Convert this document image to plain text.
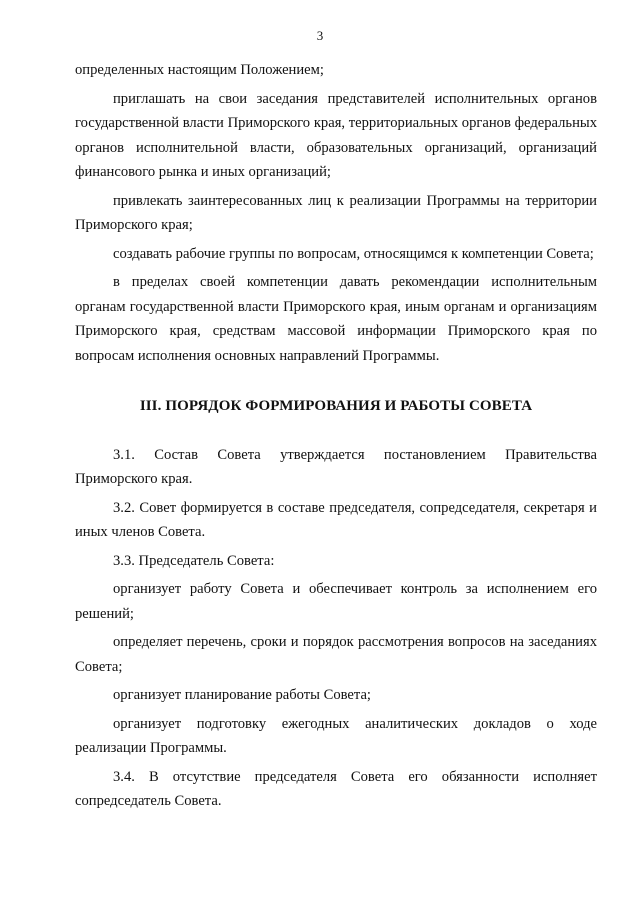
3

определенных настоящим Положением;

приглашать на свои заседания представителей исполнительных органов государственной власти Приморского края, территориальных органов федеральных органов исполнительной власти, образовательных организаций, организаций финансового рынка и иных организаций;

привлекать заинтересованных лиц к реализации Программы на территории Приморского края;

создавать рабочие группы по вопросам, относящимся к компетенции Совета;

в пределах своей компетенции давать рекомендации исполнительным органам государственной власти Приморского края, иным органам и организациям Приморского края, средствам массовой информации Приморского края по вопросам исполнения основных направлений Программы.

III. ПОРЯДОК ФОРМИРОВАНИЯ И РАБОТЫ СОВЕТА

3.1. Состав Совета утверждается постановлением Правительства Приморского края.

3.2. Совет формируется в составе председателя, сопредседателя, секретаря и иных членов Совета.

3.3. Председатель Совета:

организует работу Совета и обеспечивает контроль за исполнением его решений;

определяет перечень, сроки и порядок рассмотрения вопросов на заседаниях Совета;

организует планирование работы Совета;

организует подготовку ежегодных аналитических докладов о ходе реализации Программы.

3.4. В отсутствие председателя Совета его обязанности исполняет сопредседатель Совета.
